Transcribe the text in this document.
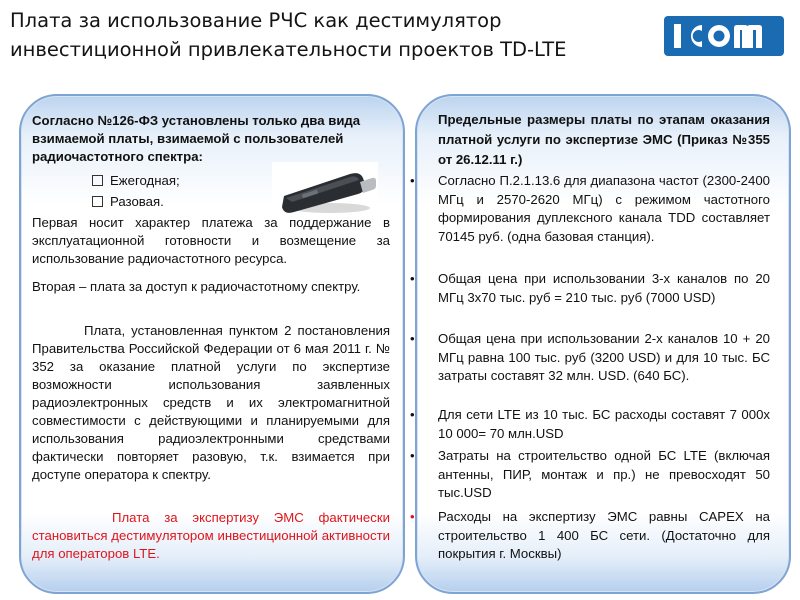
Плата за использование РЧС как дестимулятор
инвестиционной привлекательности проектов TD-LTE
Согласно №126-ФЗ установлены только два вида взимаемой платы, взимаемой с пользователей радиочастотного спектра:
Ежегодная;
Разовая.
Первая носит характер платежа за поддержание в эксплуатационной готовности и возмещение за использование радиочастотного ресурса.
Вторая – плата за доступ к радиочастотному спектру.
Плата, установленная пунктом 2 постановления Правительства Российской Федерации от 6 мая 2011 г. № 352 за оказание платной услуги по экспертизе возможности использования заявленных радиоэлектронных средств и их электромагнитной совместимости с действующими и планируемыми для использования радиоэлектронными средствами фактически повторяет разовую, т.к. взимается при доступе оператора к спектру.
Плата за экспертизу ЭМС фактически становиться дестимулятором инвестиционной активности для операторов LTE.
Предельные размеры платы по этапам оказания платной услуги по экспертизе ЭМС (Приказ №355 от 26.12.11 г.)
• Согласно П.2.1.13.6 для диапазона частот (2300-2400 МГц и 2570-2620 МГц) с режимом частотного формирования дуплексного канала TDD составляет 70145 руб. (одна базовая станция).
• Общая цена при использовании 3-х каналов по 20 МГц 3x70 тыс. руб = 210 тыс. руб (7000 USD)
• Общая цена при использовании 2-х каналов 10 + 20 МГц равна 100 тыс. руб (3200 USD) и для 10 тыс. БС затраты составят 32 млн. USD. (640 БС).
• Для сети LTE из 10 тыс. БС расходы составят 7 000х 10 000= 70 млн.USD
• Затраты на строительство одной БС LTE (включая антенны, ПИР, монтаж и пр.) не превосходят 50 тыс.USD
• Расходы на экспертизу ЭМС равны CAPEX на строительство 1 400 БС сети. (Достаточно для покрытия г. Москвы)
